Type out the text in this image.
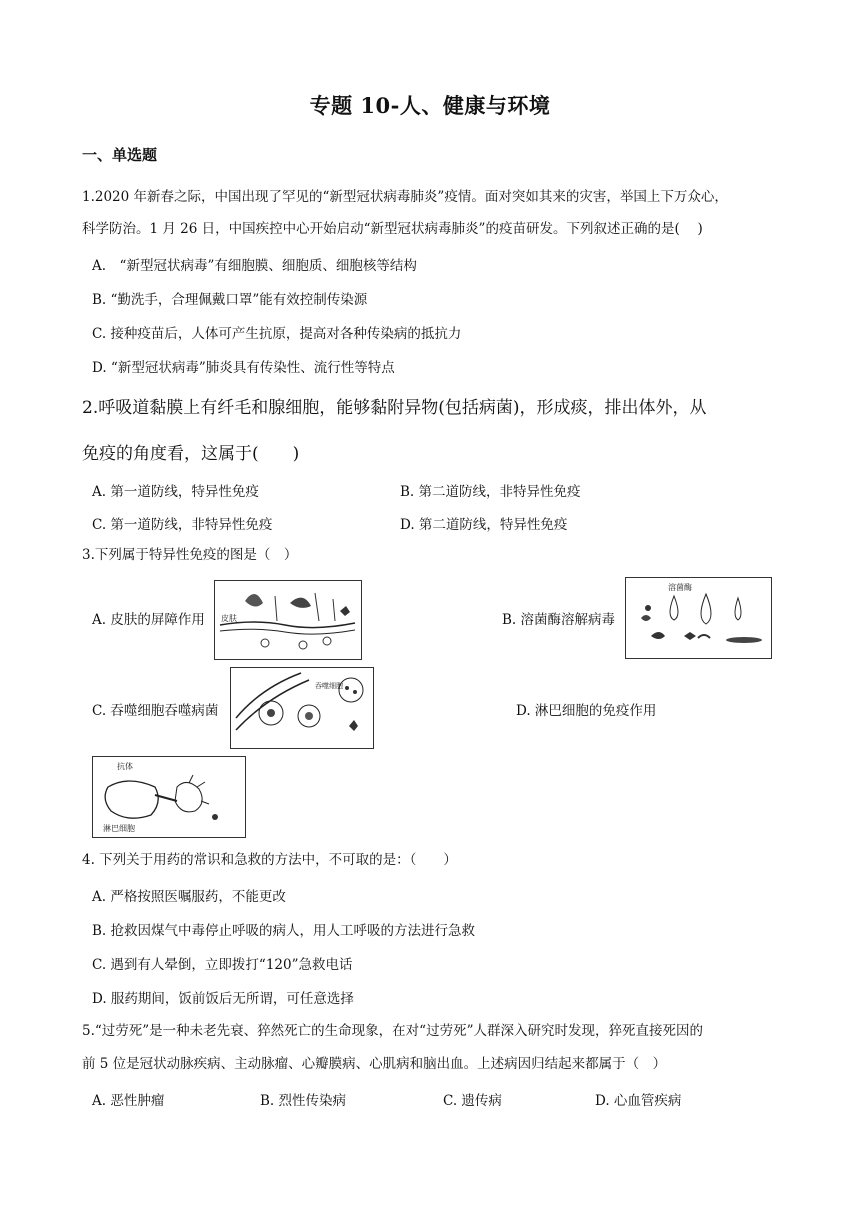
专题 10-人、健康与环境
一、单选题
1.2020 年新春之际，中国出现了罕见的“新型冠状病毒肺炎”疫情。面对突如其来的灾害，举国上下万众心，
科学防治。1 月 26 日，中国疾控中心开始启动“新型冠状病毒肺炎”的疫苗研发。下列叙述正确的是(　 )
A.　“新型冠状病毒”有细胞膜、细胞质、细胞核等结构
B. “勤洗手，合理佩戴口罩”能有效控制传染源
C. 接种疫苗后，人体可产生抗原，提高对各种传染病的抵抗力
D. “新型冠状病毒”肺炎具有传染性、流行性等特点
2.呼吸道黏膜上有纤毛和腺细胞，能够黏附异物(包括病菌)，形成痰，排出体外，从
免疫的角度看，这属于(　　)
A. 第一道防线，特异性免疫	B. 第二道防线，非特异性免疫
C. 第一道防线，非特异性免疫	D. 第二道防线，特异性免疫
3.下列属于特异性免疫的图是（　）
A. 皮肤的屏障作用	B. 溶菌酶溶解病毒
C. 吞噬细胞吞噬病菌	D. 淋巴细胞的免疫作用
皮肤
溶菌酶
吞噬细胞
抗体
淋巴细胞
4. 下列关于用药的常识和急救的方法中，不可取的是：（　　）
A. 严格按照医嘱服药，不能更改
B. 抢救因煤气中毒停止呼吸的病人，用人工呼吸的方法进行急救
C. 遇到有人晕倒，立即拨打“120”急救电话
D. 服药期间，饭前饭后无所谓，可任意选择
5.“过劳死”是一种未老先衰、猝然死亡的生命现象，在对“过劳死”人群深入研究时发现，猝死直接死因的
前 5 位是冠状动脉疾病、主动脉瘤、心瓣膜病、心肌病和脑出血。上述病因归结起来都属于（　）
A. 恶性肿瘤	B. 烈性传染病	C. 遗传病	D. 心血管疾病
